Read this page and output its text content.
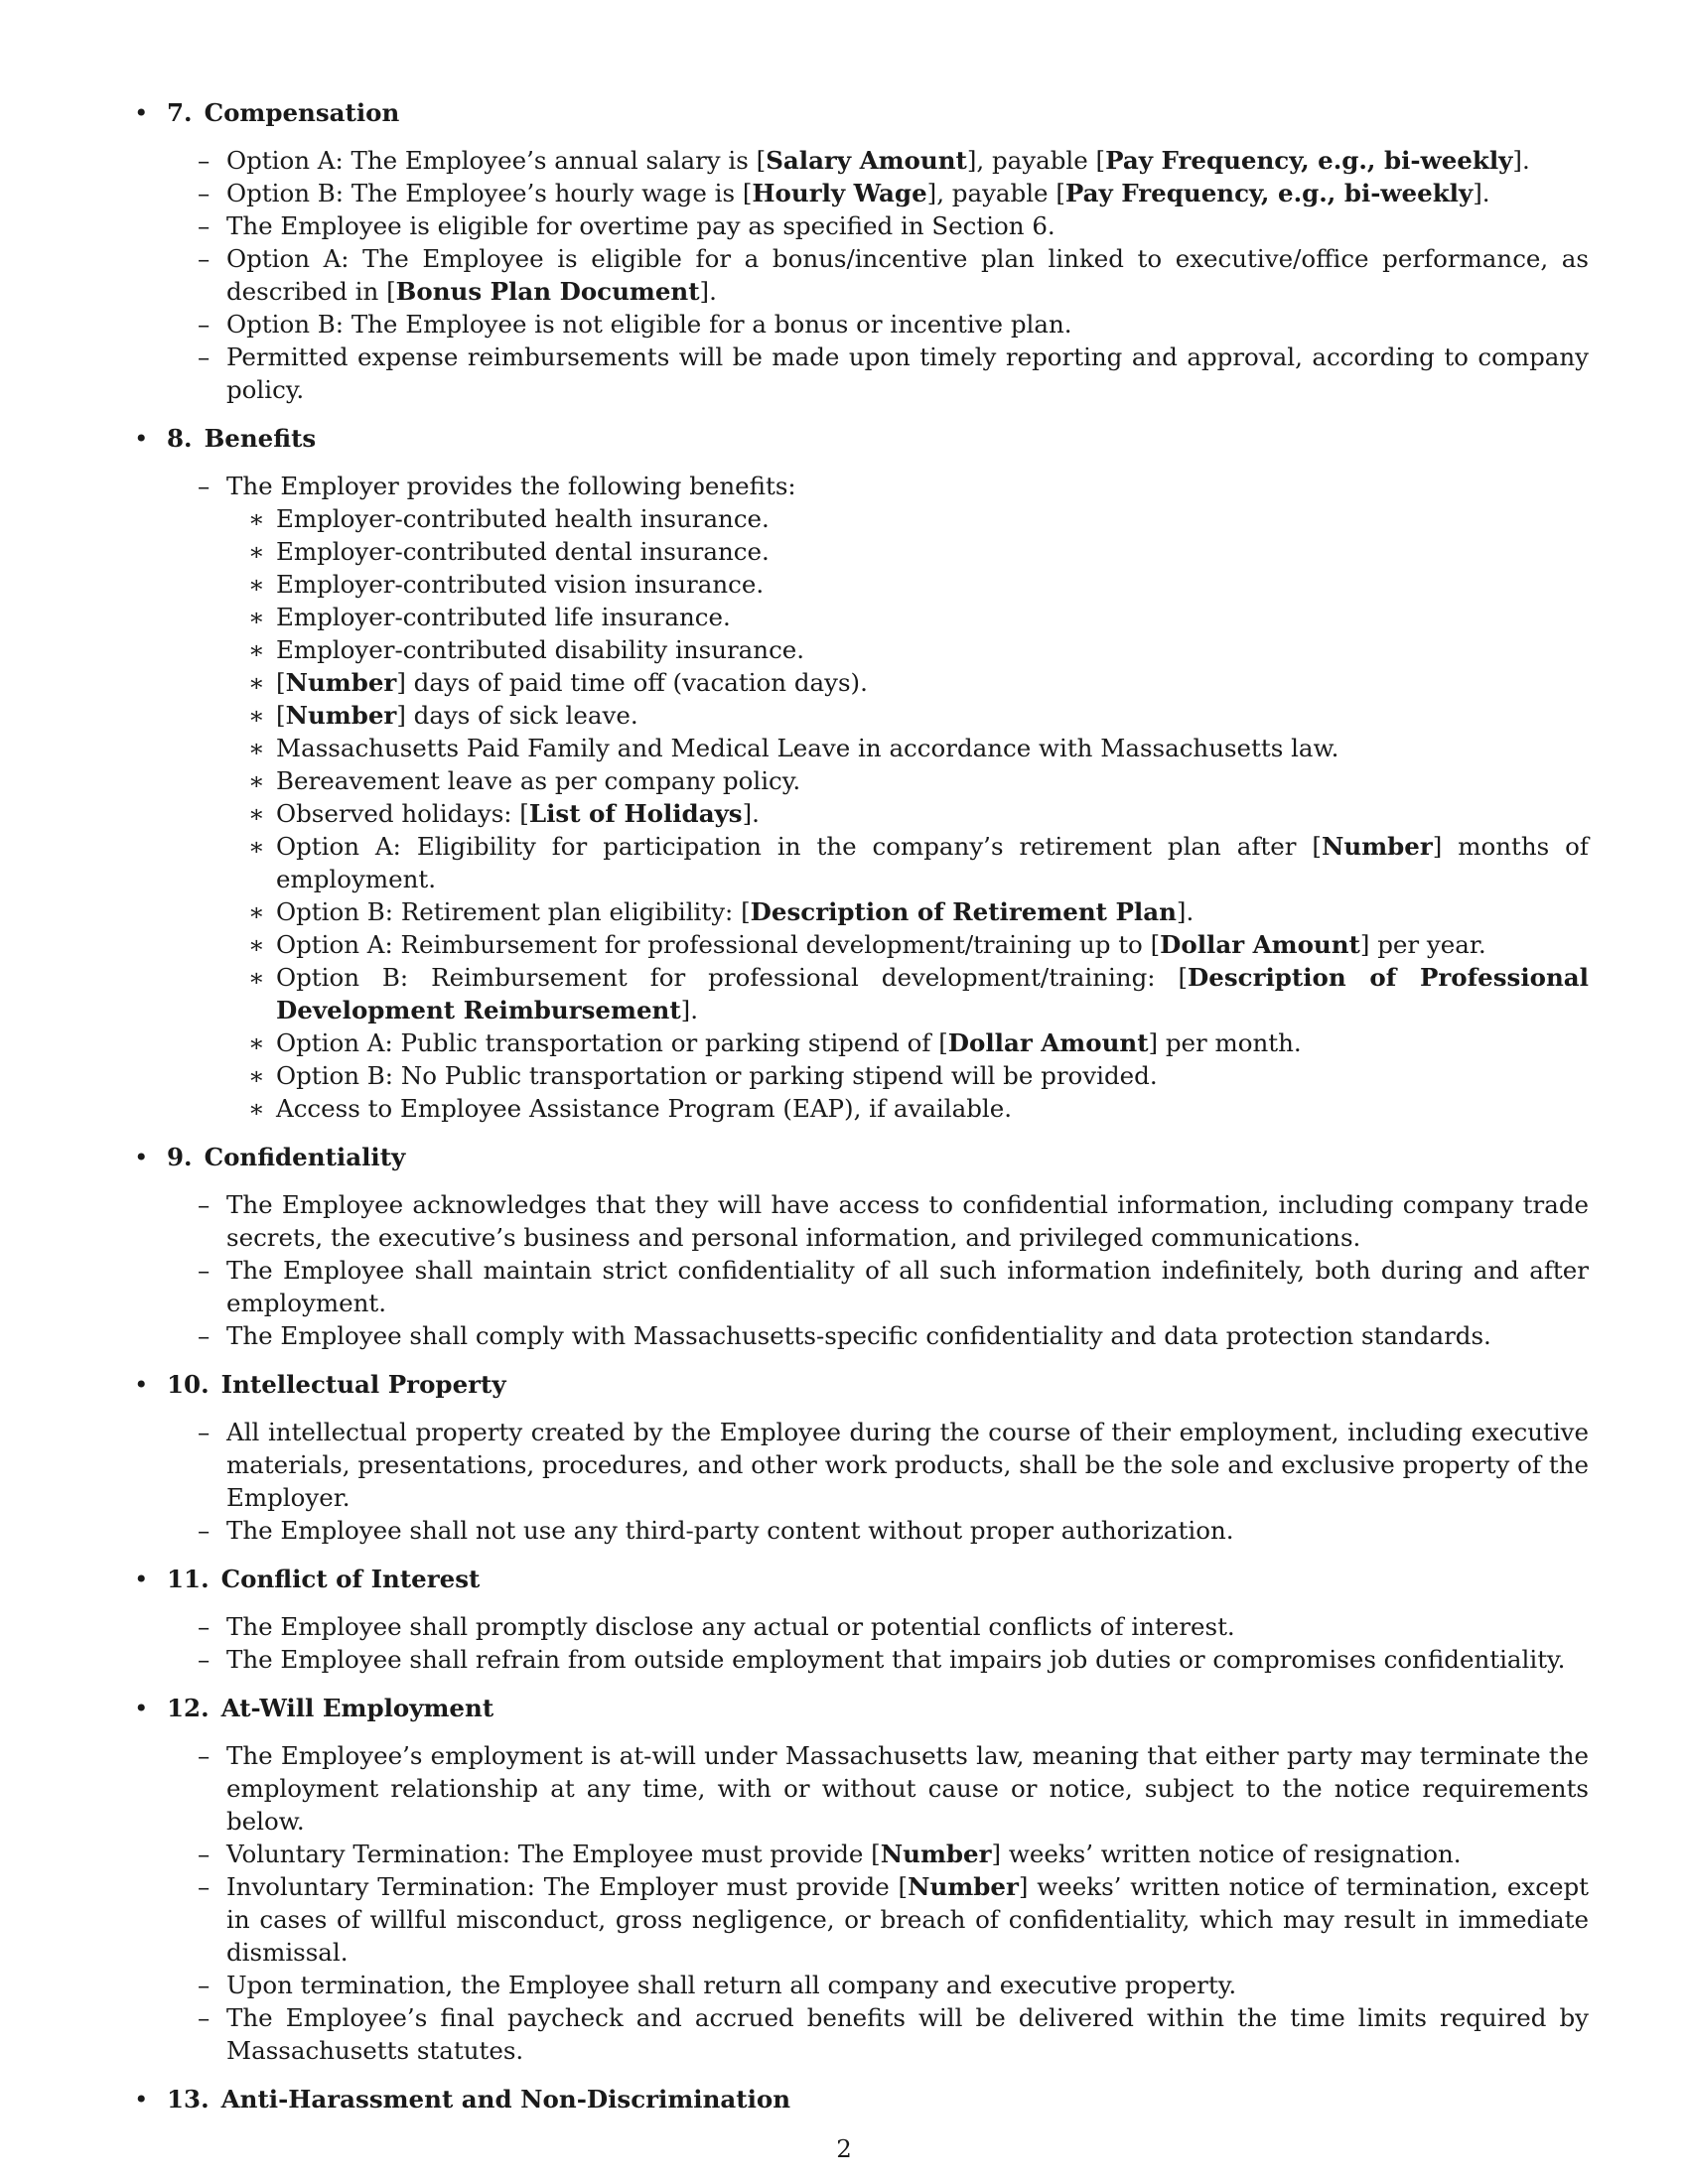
• 7. Compensation
– Option A: The Employee’s annual salary is [Salary Amount], payable [Pay Frequency, e.g., bi-weekly].
– Option B: The Employee’s hourly wage is [Hourly Wage], payable [Pay Frequency, e.g., bi-weekly].
– The Employee is eligible for overtime pay as specified in Section 6.
– Option A: The Employee is eligible for a bonus/incentive plan linked to executive/office performance, as described in [Bonus Plan Document].
– Option B: The Employee is not eligible for a bonus or incentive plan.
– Permitted expense reimbursements will be made upon timely reporting and approval, according to company policy.
• 8. Benefits
– The Employer provides the following benefits:
∗ Employer-contributed health insurance.
∗ Employer-contributed dental insurance.
∗ Employer-contributed vision insurance.
∗ Employer-contributed life insurance.
∗ Employer-contributed disability insurance.
∗ [Number] days of paid time off (vacation days).
∗ [Number] days of sick leave.
∗ Massachusetts Paid Family and Medical Leave in accordance with Massachusetts law.
∗ Bereavement leave as per company policy.
∗ Observed holidays: [List of Holidays].
∗ Option A: Eligibility for participation in the company’s retirement plan after [Number] months of employment.
∗ Option B: Retirement plan eligibility: [Description of Retirement Plan].
∗ Option A: Reimbursement for professional development/training up to [Dollar Amount] per year.
∗ Option B: Reimbursement for professional development/training: [Description of Professional Development Reimbursement].
∗ Option A: Public transportation or parking stipend of [Dollar Amount] per month.
∗ Option B: No Public transportation or parking stipend will be provided.
∗ Access to Employee Assistance Program (EAP), if available.
• 9. Confidentiality
– The Employee acknowledges that they will have access to confidential information, including company trade secrets, the executive’s business and personal information, and privileged communications.
– The Employee shall maintain strict confidentiality of all such information indefinitely, both during and after employment.
– The Employee shall comply with Massachusetts-specific confidentiality and data protection standards.
• 10. Intellectual Property
– All intellectual property created by the Employee during the course of their employment, including executive materials, presentations, procedures, and other work products, shall be the sole and exclusive property of the Employer.
– The Employee shall not use any third-party content without proper authorization.
• 11. Conflict of Interest
– The Employee shall promptly disclose any actual or potential conflicts of interest.
– The Employee shall refrain from outside employment that impairs job duties or compromises confidentiality.
• 12. At-Will Employment
– The Employee’s employment is at-will under Massachusetts law, meaning that either party may terminate the employment relationship at any time, with or without cause or notice, subject to the notice requirements below.
– Voluntary Termination: The Employee must provide [Number] weeks’ written notice of resignation.
– Involuntary Termination: The Employer must provide [Number] weeks’ written notice of termination, except in cases of willful misconduct, gross negligence, or breach of confidentiality, which may result in immediate dismissal.
– Upon termination, the Employee shall return all company and executive property.
– The Employee’s final paycheck and accrued benefits will be delivered within the time limits required by Massachusetts statutes.
• 13. Anti-Harassment and Non-Discrimination
2
